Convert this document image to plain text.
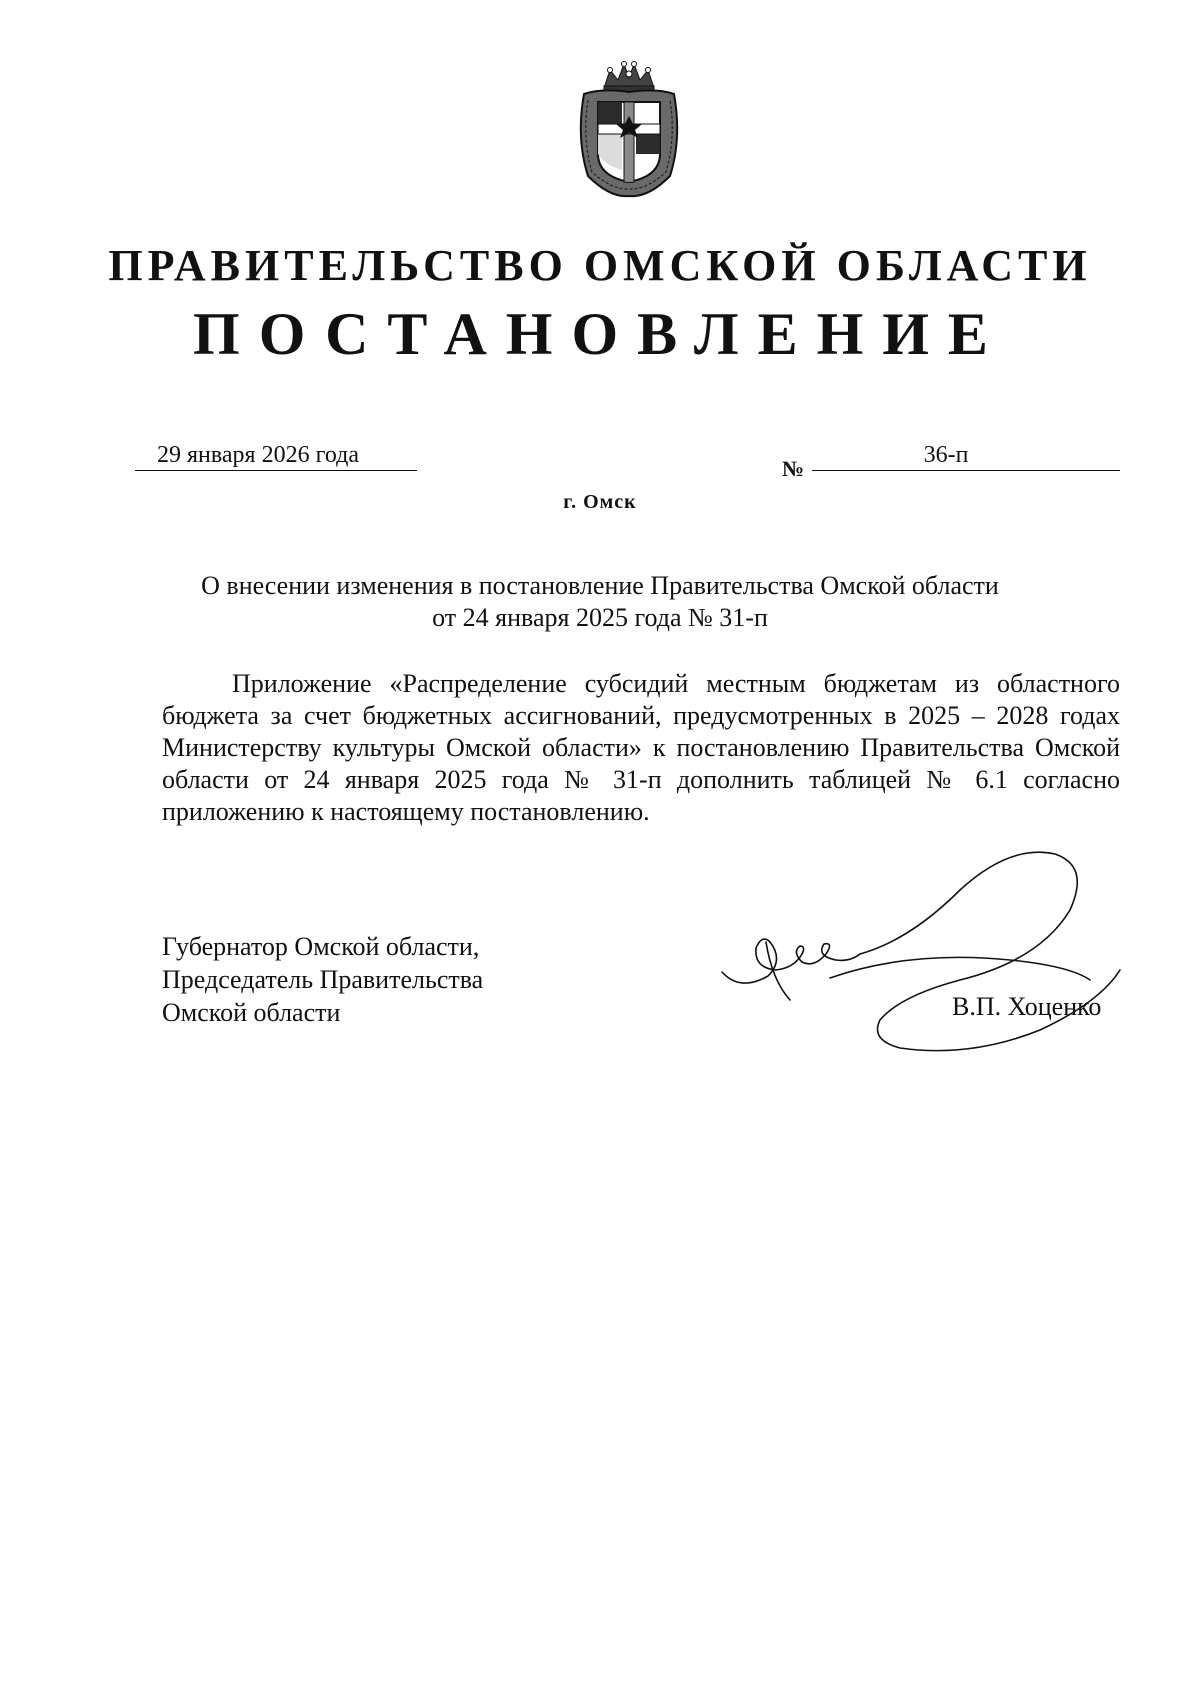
ПРАВИТЕЛЬСТВО ОМСКОЙ ОБЛАСТИ
ПОСТАНОВЛЕНИЕ
29 января 2026 года
№
36-п
г. Омск
О внесении изменения в постановление Правительства Омской области
от 24 января 2025 года № 31-п

Приложение «Распределение субсидий местным бюджетам из областного бюджета за счет бюджетных ассигнований, предусмотренных в 2025 – 2028 годах Министерству культуры Омской области» к постановлению Правительства Омской области от 24 января 2025 года № 31-п дополнить таблицей № 6.1 согласно приложению к настоящему постановлению.

Губернатор Омской области,
Председатель Правительства
Омской области	В.П. Хоценко
